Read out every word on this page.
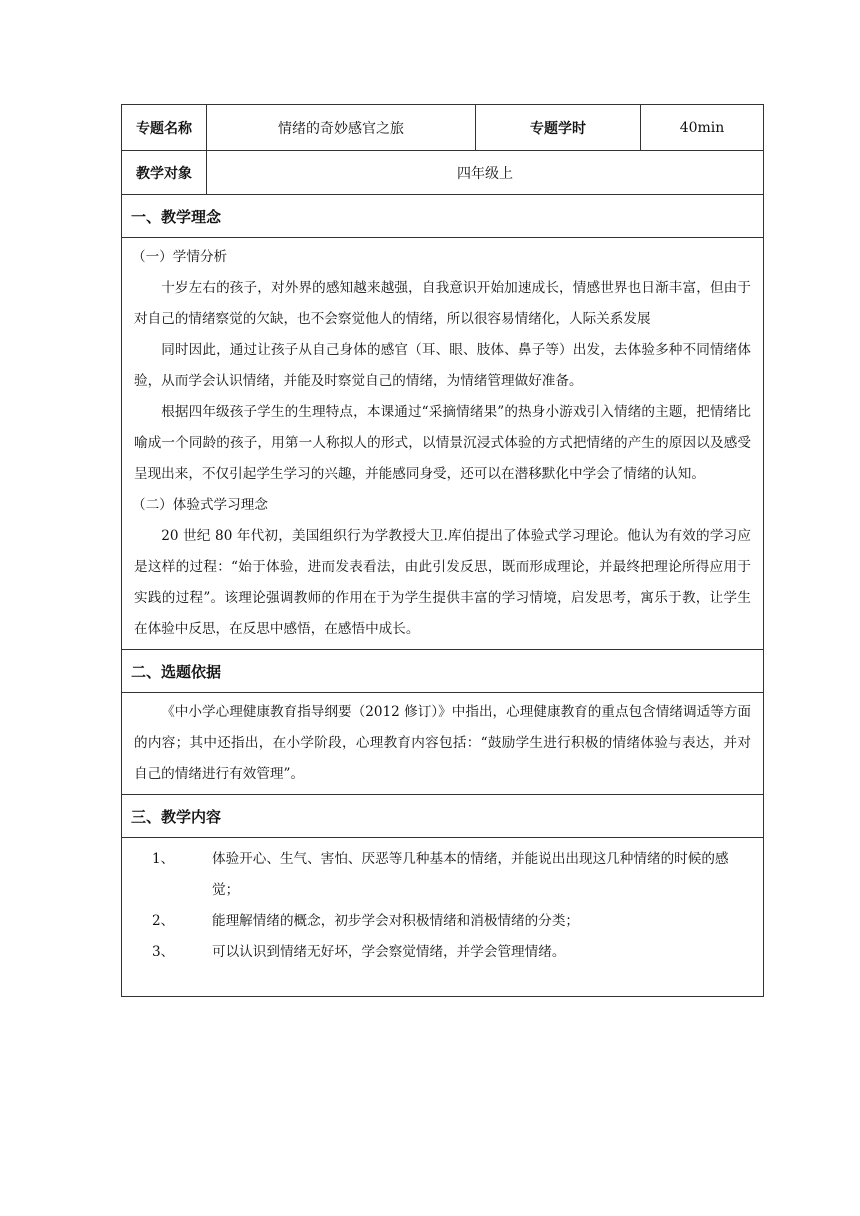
专题名称	情绪的奇妙感官之旅	专题学时	40min
教学对象	四年级上
一、教学理念
（一）学情分析

十岁左右的孩子，对外界的感知越来越强，自我意识开始加速成长，情感世界也日渐丰富，但由于对自己的情绪察觉的欠缺，也不会察觉他人的情绪，所以很容易情绪化，人际关系发展

同时因此，通过让孩子从自己身体的感官（耳、眼、肢体、鼻子等）出发，去体验多种不同情绪体验，从而学会认识情绪，并能及时察觉自己的情绪，为情绪管理做好准备。

根据四年级孩子学生的生理特点，本课通过“采摘情绪果”的热身小游戏引入情绪的主题，把情绪比喻成一个同龄的孩子，用第一人称拟人的形式，以情景沉浸式体验的方式把情绪的产生的原因以及感受呈现出来，不仅引起学生学习的兴趣，并能感同身受，还可以在潜移默化中学会了情绪的认知。

（二）体验式学习理念

20 世纪 80 年代初，美国组织行为学教授大卫.库伯提出了体验式学习理论。他认为有效的学习应是这样的过程：“始于体验，进而发表看法，由此引发反思，既而形成理论，并最终把理论所得应用于实践的过程”。该理论强调教师的作用在于为学生提供丰富的学习情境，启发思考，寓乐于教，让学生在体验中反思，在反思中感悟，在感悟中成长。

二、选题依据

《中小学心理健康教育指导纲要（2012 修订）》中指出，心理健康教育的重点包含情绪调适等方面的内容；其中还指出，在小学阶段，心理教育内容包括：“鼓励学生进行积极的情绪体验与表达，并对自己的情绪进行有效管理”。

三、教学内容
1、	体验开心、生气、害怕、厌恶等几种基本的情绪，并能说出出现这几种情绪的时候的感觉；
2、	能理解情绪的概念，初步学会对积极情绪和消极情绪的分类；
3、	可以认识到情绪无好坏，学会察觉情绪，并学会管理情绪。
